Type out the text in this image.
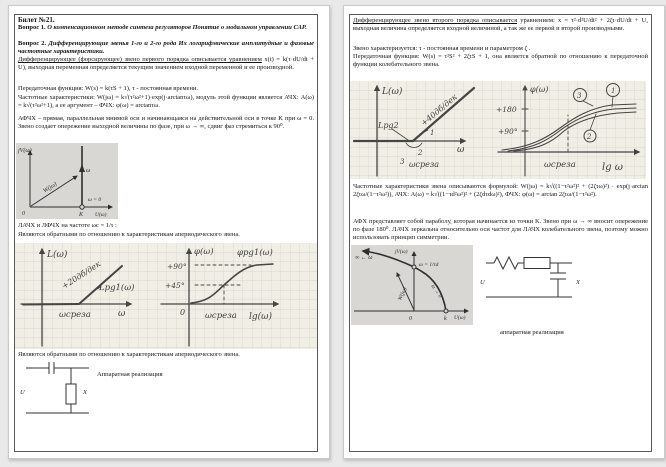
Билет №21.
Вопрос 1. О компенсационном методе синтеза регуляторов Понятие о модальном управлении САР.
Вопрос 2. Дифференцирующие звенья 1-го и 2-го рода Их логарифмические амплитудные и фазовые частотные характеристики.
Дифференцирующее (форсирующее) звено первого порядка описывается уравнением x(t) = k(τ·dU/dt + U), выходная переменная определяется текущим значением входной переменной и ее производной.
Передаточная функция: W(s) = k(τS + 1), τ - постоянная времени.
Частотные характеристики: W(jω) = k√(τ²ω²+1)·exp(j·arctanτω), модуль этой функции является АЧХ: A(ω) = k√(τ²ω²+1), а ее аргумент – ФЧХ: φ(ω) = arctanτω.
АФЧХ – прямая, параллельная мнимой оси и начинающаяся на действительной оси в точке K при ω = 0. Звено создает опережение выходной величины по фазе, при ω → ∞, сдвиг фаз стремиться к 90⁰.
jV(ω)
W(jω)
ω
ω = 0
0	K U(ω)
ЛАЧХ и ЛФЧХ на частоте ωc = 1/τ :
Являются обратными по отношению к характеристикам апериодического звена.
L(ω)
+20дб/дек
Lpg1(ω)
ωсреза	ω
φ(ω)	φpg1(ω)
+90°
+45°
0 ωсреза lg(ω)
Являются обратными по отношению к характеристикам апериодического звена.
U	X
Аппаратная реализация
Дифференцирующее звено второго порядка описывается уравнением: x = τ²·d²U/dt² + 2ζτ·dU/dt + U, выходная величина определяется входной величиной, а так же ее первой и второй производными.
Звено характеризуется: τ - постоянная времени и параметром ζ .
Передаточная функция: W(s) = τ²S² + 2ζτS + 1, она является обратной по отношению к передаточной функции колебательного звена.
L(ω)
+40дб/дек
Lpg2
1
2
3 ωсреза
ω
φ(ω)
+180
+90°
3
1
2
ωсреза	lg ω
Частотные характеристики звена описываются формулой: W(jω) = k√((1−τ²ω²)² + (2ζτω)²) · exp(j·arctan 2ζτω/(1−τ²ω²)), АЧХ: A(ω) = k√((1−τd²ω²)² + (2ζdτdω)²), ФЧХ: φ(ω) = arctan 2ζτω/(1−τ²ω²).
АФХ представляет собой параболу, которая начинается из точки K. Звено при ω → ∞ вносит опережение по фазе 180⁰. ЛАЧХ зеркальна относительно оси частот для ЛАЧХ колебательного звена, поэтому можно использовать принцип симметрии.
∞ ← ω
jV(ω)
ω = 1/τd
W(jω)	ω → 0
0	k U(ω)
U	X
аппаратная реализация
